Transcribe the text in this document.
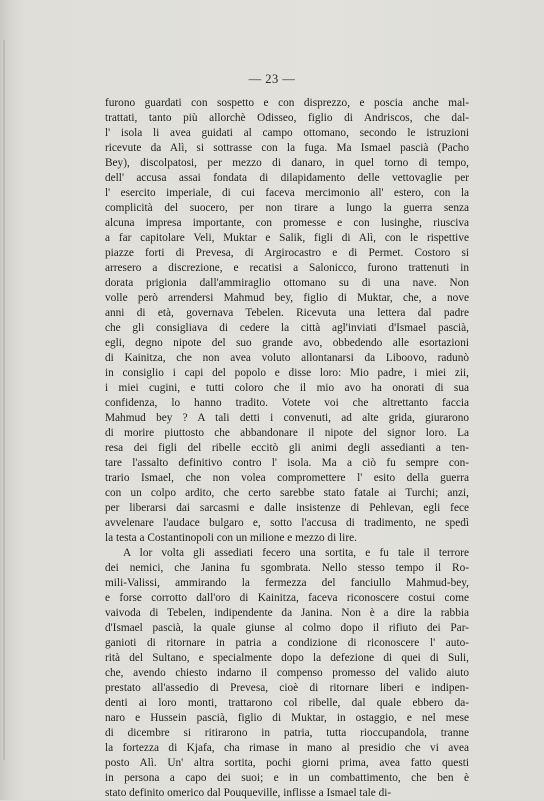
— 23 —
furono guardati con sospetto e con disprezzo, e poscia anche mal-
trattati, tanto più allorchè Odisseo, figlio di Andriscos, che dal-
l' isola li avea guidati al campo ottomano, secondo le istruzioni
ricevute da Alì, si sottrasse con la fuga. Ma Ismael pascià (Pacho
Bey), discolpatosi, per mezzo di danaro, in quel torno di tempo,
dell' accusa assai fondata di dilapidamento delle vettovaglie per
l' esercito imperiale, di cui faceva mercimonio all' estero, con la
complicità del suocero, per non tirare a lungo la guerra senza
alcuna impresa importante, con promesse e con lusinghe, riusciva
a far capitolare Veli, Muktar e Salik, figli di Alì, con le rispettive
piazze forti di Prevesa, di Argirocastro e di Permet. Costoro si
arresero a discrezione, e recatisi a Salonicco, furono trattenuti in
dorata prigionia dall'ammiraglio ottomano su di una nave. Non
volle però arrendersi Mahmud bey, figlio di Muktar, che, a nove
anni di età, governava Tebelen. Ricevuta una lettera dal padre
che gli consigliava di cedere la città agl'inviati d'Ismael pascià,
egli, degno nipote del suo grande avo, obbedendo alle esortazioni
di Kainitza, che non avea voluto allontanarsi da Liboovo, radunò
in consiglio i capi del popolo e disse loro: Mio padre, i miei zii,
i miei cugini, e tutti coloro che il mio avo ha onorati di sua
confidenza, lo hanno tradito. Votete voi che altrettanto faccia
Mahmud bey ? A tali detti i convenuti, ad alte grida, giurarono
di morire piuttosto che abbandonare il nipote del signor loro. La
resa dei figli del ribelle eccitò gli animi degli assedianti a ten-
tare l'assalto definitivo contro l' isola. Ma a ciò fu sempre con-
trario Ismael, che non volea compromettere l' esito della guerra
con un colpo ardito, che certo sarebbe stato fatale ai Turchi; anzi,
per liberarsi dai sarcasmi e dalle insistenze di Pehlevan, egli fece
avvelenare l'audace bulgaro e, sotto l'accusa di tradimento, ne spedì
la testa a Costantinopoli con un milione e mezzo di lire.
A lor volta gli assediati fecero una sortita, e fu tale il terrore
dei nemici, che Janina fu sgombrata. Nello stesso tempo il Ro-
mili-Valissi, ammirando la fermezza del fanciullo Mahmud-bey,
e forse corrotto dall'oro di Kainitza, faceva riconoscere costui come
vaivoda di Tebelen, indipendente da Janina. Non è a dire la rabbia
d'Ismael pascià, la quale giunse al colmo dopo il rifiuto dei Par-
ganioti di ritornare in patria a condizione di riconoscere l' auto-
rità del Sultano, e specialmente dopo la defezione di quei di Suli,
che, avendo chiesto indarno il compenso promesso del valido aiuto
prestato all'assedio di Prevesa, cioè di ritornare liberi e indipen-
denti ai loro monti, trattarono col ribelle, dal quale ebbero da-
naro e Hussein pascià, figlio di Muktar, in ostaggio, e nel mese
di dicembre si ritirarono in patria, tutta rioccupandola, tranne
la fortezza di Kjafa, cha rimase in mano al presidio che vi avea
posto Alì. Un' altra sortita, pochi giorni prima, avea fatto questi
in persona a capo dei suoi; e in un combattimento, che ben è
stato definito omerico dal Pouqueville, inflisse a Ismael tale di-
